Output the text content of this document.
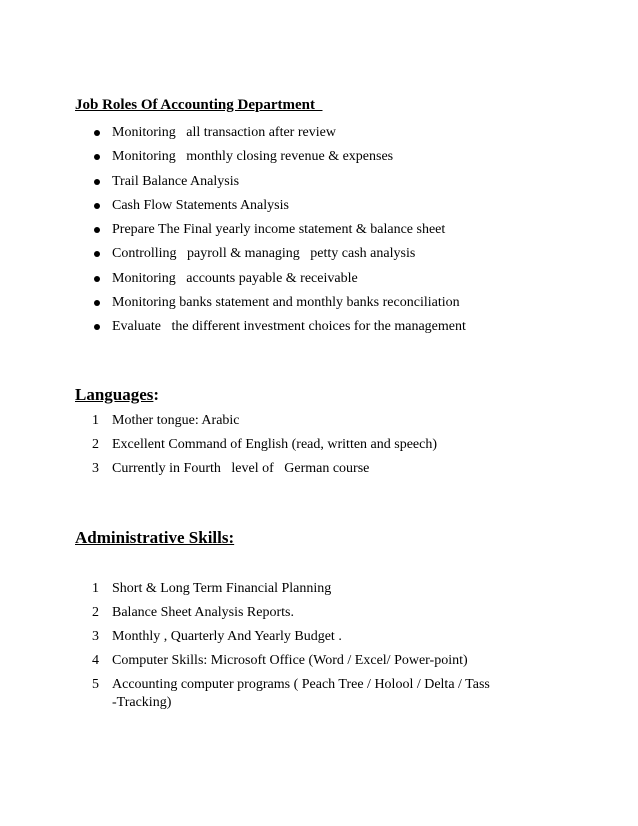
Job Roles Of Accounting Department
Monitoring   all transaction after review
Monitoring   monthly closing revenue & expenses
Trail Balance Analysis
Cash Flow Statements Analysis
Prepare The Final yearly income statement & balance sheet
Controlling   payroll & managing   petty cash analysis
Monitoring   accounts payable & receivable
Monitoring banks statement and monthly banks reconciliation
Evaluate   the different investment choices for the management
Languages:
1 Mother tongue: Arabic
2 Excellent Command of English (read, written and speech)
3 Currently in Fourth   level of   German course
Administrative Skills:
1 Short & Long Term Financial Planning
2 Balance Sheet Analysis Reports.
3 Monthly , Quarterly And Yearly Budget .
4 Computer Skills: Microsoft Office (Word / Excel/ Power-point)
5 Accounting computer programs ( Peach Tree / Holool / Delta / Tass
-Tracking)
